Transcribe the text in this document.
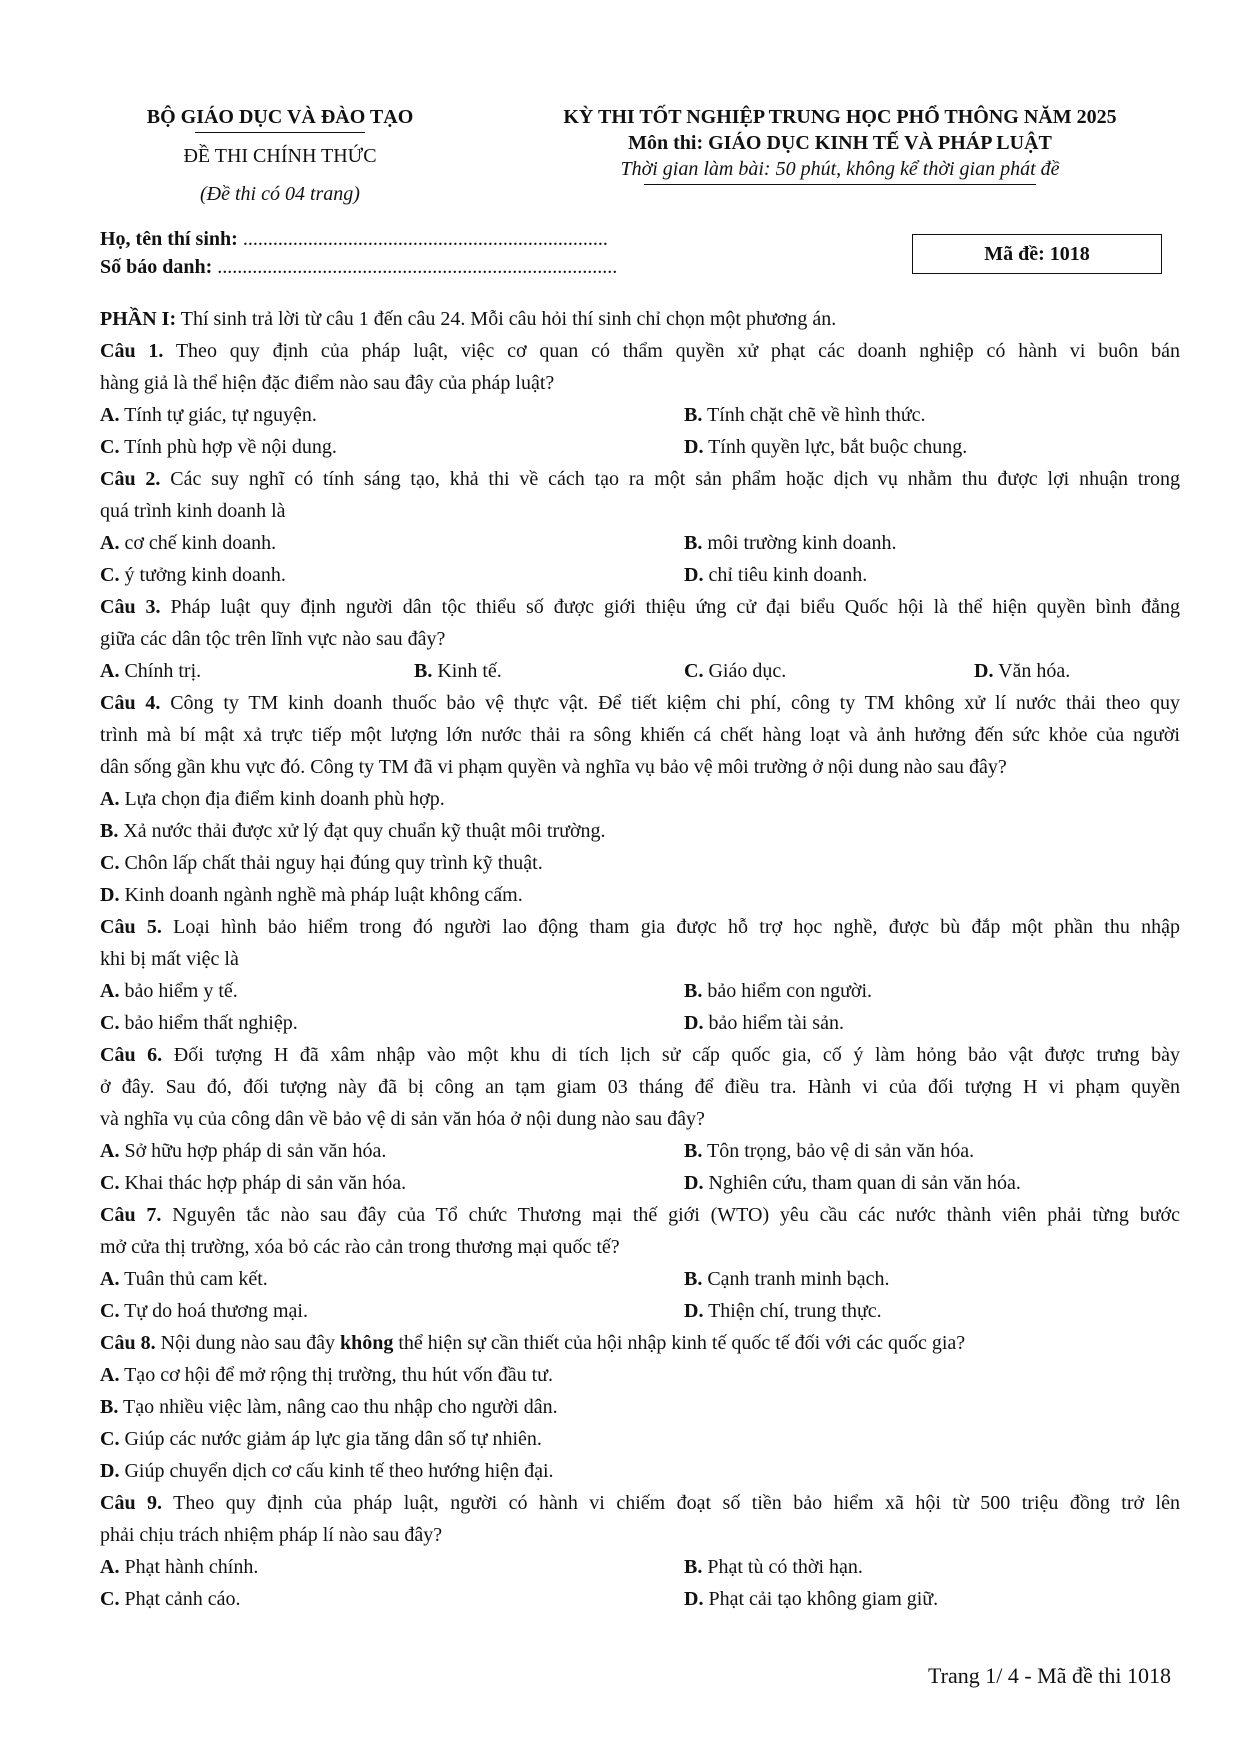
BỘ GIÁO DỤC VÀ ĐÀO TẠO
ĐỀ THI CHÍNH THỨC
(Đề thi có 04 trang)
KỲ THI TỐT NGHIỆP TRUNG HỌC PHỔ THÔNG NĂM 2025
Môn thi: GIÁO DỤC KINH TẾ VÀ PHÁP LUẬT
Thời gian làm bài: 50 phút, không kể thời gian phát đề
Họ, tên thí sinh: .........................................................................
Số báo danh: ................................................................................
Mã đề: 1018
PHẦN I: Thí sinh trả lời từ câu 1 đến câu 24. Mỗi câu hỏi thí sinh chỉ chọn một phương án.
Câu 1. Theo quy định của pháp luật, việc cơ quan có thẩm quyền xử phạt các doanh nghiệp có hành vi buôn bán
hàng giả là thể hiện đặc điểm nào sau đây của pháp luật?
A. Tính tự giác, tự nguyện.	B. Tính chặt chẽ về hình thức.
C. Tính phù hợp về nội dung.	D. Tính quyền lực, bắt buộc chung.
Câu 2. Các suy nghĩ có tính sáng tạo, khả thi về cách tạo ra một sản phẩm hoặc dịch vụ nhằm thu được lợi nhuận trong
quá trình kinh doanh là
A. cơ chế kinh doanh.	B. môi trường kinh doanh.
C. ý tưởng kinh doanh.	D. chỉ tiêu kinh doanh.
Câu 3. Pháp luật quy định người dân tộc thiểu số được giới thiệu ứng cử đại biểu Quốc hội là thể hiện quyền bình đẳng
giữa các dân tộc trên lĩnh vực nào sau đây?
A. Chính trị.	B. Kinh tế.	C. Giáo dục.	D. Văn hóa.
Câu 4. Công ty TM kinh doanh thuốc bảo vệ thực vật. Để tiết kiệm chi phí, công ty TM không xử lí nước thải theo quy
trình mà bí mật xả trực tiếp một lượng lớn nước thải ra sông khiến cá chết hàng loạt và ảnh hưởng đến sức khỏe của người
dân sống gần khu vực đó. Công ty TM đã vi phạm quyền và nghĩa vụ bảo vệ môi trường ở nội dung nào sau đây?
A. Lựa chọn địa điểm kinh doanh phù hợp.
B. Xả nước thải được xử lý đạt quy chuẩn kỹ thuật môi trường.
C. Chôn lấp chất thải nguy hại đúng quy trình kỹ thuật.
D. Kinh doanh ngành nghề mà pháp luật không cấm.
Câu 5. Loại hình bảo hiểm trong đó người lao động tham gia được hỗ trợ học nghề, được bù đắp một phần thu nhập
khi bị mất việc là
A. bảo hiểm y tế.	B. bảo hiểm con người.
C. bảo hiểm thất nghiệp.	D. bảo hiểm tài sản.
Câu 6. Đối tượng H đã xâm nhập vào một khu di tích lịch sử cấp quốc gia, cố ý làm hỏng bảo vật được trưng bày
ở đây. Sau đó, đối tượng này đã bị công an tạm giam 03 tháng để điều tra. Hành vi của đối tượng H vi phạm quyền
và nghĩa vụ của công dân về bảo vệ di sản văn hóa ở nội dung nào sau đây?
A. Sở hữu hợp pháp di sản văn hóa.	B. Tôn trọng, bảo vệ di sản văn hóa.
C. Khai thác hợp pháp di sản văn hóa.	D. Nghiên cứu, tham quan di sản văn hóa.
Câu 7. Nguyên tắc nào sau đây của Tổ chức Thương mại thế giới (WTO) yêu cầu các nước thành viên phải từng bước
mở cửa thị trường, xóa bỏ các rào cản trong thương mại quốc tế?
A. Tuân thủ cam kết.	B. Cạnh tranh minh bạch.
C. Tự do hoá thương mại.	D. Thiện chí, trung thực.
Câu 8. Nội dung nào sau đây không thể hiện sự cần thiết của hội nhập kinh tế quốc tế đối với các quốc gia?
A. Tạo cơ hội để mở rộng thị trường, thu hút vốn đầu tư.
B. Tạo nhiều việc làm, nâng cao thu nhập cho người dân.
C. Giúp các nước giảm áp lực gia tăng dân số tự nhiên.
D. Giúp chuyển dịch cơ cấu kinh tế theo hướng hiện đại.
Câu 9. Theo quy định của pháp luật, người có hành vi chiếm đoạt số tiền bảo hiểm xã hội từ 500 triệu đồng trở lên
phải chịu trách nhiệm pháp lí nào sau đây?
A. Phạt hành chính.	B. Phạt tù có thời hạn.
C. Phạt cảnh cáo.	D. Phạt cải tạo không giam giữ.
Trang 1/ 4 - Mã đề thi 1018
